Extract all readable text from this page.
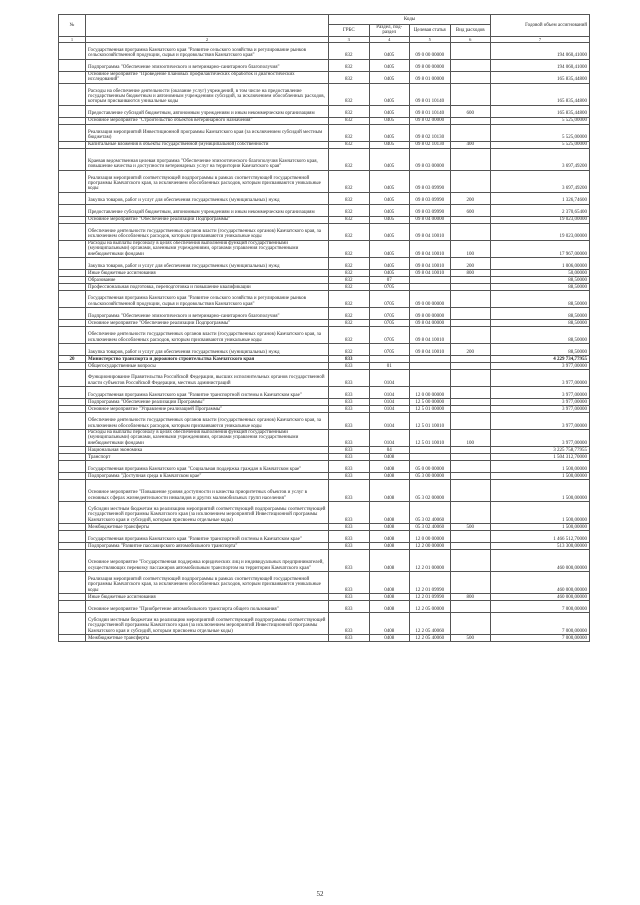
№		Коды				Годовой объем ассигнований
		ГРБС	Раздел, под-раздел	Целевая статья	Вид расходов	
1	2	3	4	5	6	7
	Государственная программа Камчатского края "Развитие сельского хозяйства и регулирование рынков сельскохозяйственной продукции, сырья и продовольствия Камчатского края"	832	0405	09 0 00 00000		194 060,41000
	Подпрограмма "Обеспечение эпизоотического и ветеринарно-санитарного благополучия"	832	0405	09 8 00 00000		194 060,41000
	Основное мероприятие "Проведение плановых профилактических обработок и диагностических исследований"	832	0405	09 8 01 00000		165 835,44800
	Расходы на обеспечение деятельности (оказание услуг) учреждений, в том числе на предоставление государственным бюджетным и автономным учреждениям субсидий, за исключением обособленных расходов, которым присваиваются уникальные коды	832	0405	09 8 01 10140		165 835,44800
	Предоставление субсидий бюджетным, автономным учреждениям и иным некоммерческим организациям	832	0405	09 8 01 10140	600	165 835,44800
	Основное мероприятие "Строительство объектов ветеринарного назначения"	832	0405	09 8 02 00000		5 525,00000
	Реализация мероприятий Инвестиционной программы Камчатского края (за исключением субсидий местным бюджетам)	832	0405	09 8 02 10130		5 525,00000
	Капитальные вложения в объекты государственной (муниципальной) собственности	832	0405	09 8 02 10130	400	5 525,00000
	Краевая ведомственная целевая программа "Обеспечение эпизоотического благополучия Камчатского края, повышение качества и доступности ветеринарных услуг на территории Камчатского края"	832	0405	09 8 03 00000		3 697,49200
	Реализация мероприятий соответствующей подпрограммы в рамках соответствующей государственной программы Камчатского края, за исключением обособленных расходов, которым присваиваются уникальные коды	832	0405	09 8 03 09990		3 697,49200
	Закупка товаров, работ и услуг для обеспечения государственных (муниципальных) нужд	832	0405	09 8 03 09990	200	1 326,74600
	Предоставление субсидий бюджетным, автономным учреждениям и иным некоммерческим организациям	832	0405	09 8 03 09990	600	2 370,65400
	Основное мероприятие "Обеспечение реализации Подпрограммы"	832	0405	09 8 04 00000		19 023,00000
	Обеспечение деятельности государственных органов власти (государственных органов) Камчатского края, за исключением обособленных расходов, которым присваиваются уникальные коды	832	0405	09 8 04 10010		19 023,00000
	Расходы на выплаты персоналу в целях обеспечения выполнения функций государственными (муниципальными) органами, казенными учреждениями, органами управления государственными внебюджетными фондами	832	0405	09 8 04 10010	100	17 967,00000
	Закупка товаров, работ и услуг для обеспечения государственных (муниципальных) нужд	832	0405	09 8 04 10010	200	1 006,00000
	Иные бюджетные ассигнования	832	0405	09 8 04 10010	800	50,00000
	Образование	832	07			88,50000
	Профессиональная подготовка, переподготовка и повышение квалификации	832	0705			88,50000
	Государственная программа Камчатского края "Развитие сельского хозяйства и регулирование рынков сельскохозяйственной продукции, сырья и продовольствия Камчатского края"	832	0705	09 0 00 00000		88,50000
	Подпрограмма "Обеспечение эпизоотического и ветеринарно-санитарного благополучия"	832	0705	09 8 00 00000		88,50000
	Основное мероприятие "Обеспечение реализации Подпрограммы"	832	0705	09 8 04 00000		88,50000
	Обеспечение деятельности государственных органов власти (государственных органов) Камчатского края, за исключением обособленных расходов, которым присваиваются уникальные коды	832	0705	09 8 04 10010		88,50000
	Закупка товаров, работ и услуг для обеспечения государственных (муниципальных) нужд	832	0705	09 8 04 10010	200	88,50000
20	Министерство транспорта и дорожного строительства Камчатского края	833				4 229 734,77955
	Общегосударственные вопросы	833	01			3 977,00000
	Функционирование Правительства Российской Федерации, высших исполнительных органов государственной власти субъектов Российской Федерации, местных администраций	833	0104			3 977,00000
	Государственная программа Камчатского края "Развитие транспортной системы в Камчатском крае"	833	0104	12 0 00 00000		3 977,00000
	Подпрограмма "Обеспечение реализации Программы"	833	0104	12 5 00 00000		3 977,00000
	Основное мероприятие "Управление реализацией Программы"	833	0104	12 5 01 00000		3 977,00000
	Обеспечение деятельности государственных органов власти (государственных органов) Камчатского края, за исключением обособленных расходов, которым присваиваются уникальные коды	833	0104	12 5 01 10010		3 977,00000
	Расходы на выплаты персоналу в целях обеспечения выполнения функций государственными (муниципальными) органами, казенными учреждениями, органами управления государственными внебюджетными фондами	833	0104	12 5 01 10010	100	3 977,00000
	Национальная экономика	833	04			3 225 758,77955
	Транспорт	833	0408			1 504 312,70000
	Государственная программа Камчатского края "Социальная поддержка граждан в Камчатском крае"	833	0408	05 0 00 00000		1 500,00000
	Подпрограмма "Доступная среда в Камчатском крае"	833	0408	05 3 00 00000		1 500,00000
	Основное мероприятие "Повышение уровня доступности и качества приоритетных объектов и услуг в основных сферах жизнедеятельности инвалидов и других маломобильных групп населения"	833	0408	05 3 02 00000		1 500,00000
	Субсидии местным бюджетам на реализацию мероприятий соответствующей подпрограммы соответствующей государственной программы Камчатского края (за исключением мероприятий Инвестиционной программы Камчатского края и субсидий, которым присвоены отдельные коды)	833	0408	05 3 02 40060		1 500,00000
	Межбюджетные трансферты	833	0408	05 3 02 40060	500	1 500,00000
	Государственная программа Камчатского края "Развитие транспортной системы в Камчатском крае"	833	0408	12 0 00 00000		1 466 512,70000
	Подпрограмма "Развитие пассажирского автомобильного транспорта"	833	0408	12 2 00 00000		513 300,00000
	Основное мероприятие "Государственная поддержка юридических лиц и индивидуальных предпринимателей, осуществляющих перевозку пассажиров автомобильным транспортом на территории Камчатского края"	833	0408	12 2 01 00000		460 000,00000
	Реализация мероприятий соответствующей подпрограммы в рамках соответствующей государственной программы Камчатского края, за исключением обособленных расходов, которым присваиваются уникальные коды	833	0408	12 2 01 09990		460 000,00000
	Иные бюджетные ассигнования	833	0408	12 2 01 09990	800	460 000,00000
	Основное мероприятие "Приобретение автомобильного транспорта общего пользования"	833	0408	12 2 05 00000		7 000,00000
	Субсидии местным бюджетам на реализацию мероприятий соответствующей подпрограммы соответствующей государственной программы Камчатского края (за исключением мероприятий Инвестиционной программы Камчатского края и субсидий, которым присвоены отдельные коды)	833	0408	12 2 05 40060		7 000,00000
	Межбюджетные трансферты	833	0408	12 2 05 40060	500	7 000,00000
52
